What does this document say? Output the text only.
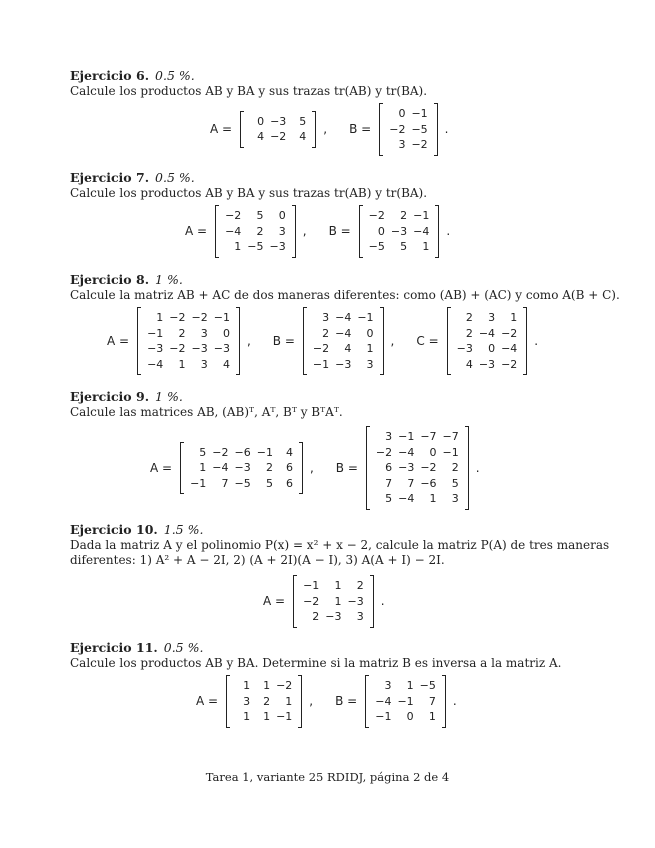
Ejercicio 6. 0.5 %.
Calcule los productos AB y BA y sus trazas tr(AB) y tr(BA).
A =
0	−3	5
4	−2	4
, B =
0	−1
−2	−5
3	−2
.
Ejercicio 7. 0.5 %.
Calcule los productos AB y BA y sus trazas tr(AB) y tr(BA).
A =
−2	5	0
−4	2	3
1	−5	−3
, B =
−2	2	−1
0	−3	−4
−5	5	1
.
Ejercicio 8. 1 %.
Calcule la matriz AB + AC de dos maneras diferentes: como (AB) + (AC) y como A(B + C).
A =
1	−2	−2	−1
−1	2	3	0
−3	−2	−3	−3
−4	1	3	4
, B =
3	−4	−1
2	−4	0
−2	4	1
−1	−3	3
, C =
2	3	1
2	−4	−2
−3	0	−4
4	−3	−2
.
Ejercicio 9. 1 %.
Calcule las matrices AB, (AB)ᵀ, Aᵀ, Bᵀ y BᵀAᵀ.
A =
5	−2	−6	−1	4
1	−4	−3	2	6
−1	7	−5	5	6
, B =
3	−1	−7	−7
−2	−4	0	−1
6	−3	−2	2
7	7	−6	5
5	−4	1	3
.
Ejercicio 10. 1.5 %.
Dada la matriz A y el polinomio P(x) = x² + x − 2, calcule la matriz P(A) de tres maneras
diferentes: 1) A² + A − 2I, 2) (A + 2I)(A − I), 3) A(A + I) − 2I.
A =
−1	1	2
−2	1	−3
2	−3	3
.
Ejercicio 11. 0.5 %.
Calcule los productos AB y BA. Determine si la matriz B es inversa a la matriz A.
A =
1	1	−2
3	2	1
1	1	−1
, B =
3	1	−5
−4	−1	7
−1	0	1
.
Tarea 1, variante 25 RDIDJ, página 2 de 4
